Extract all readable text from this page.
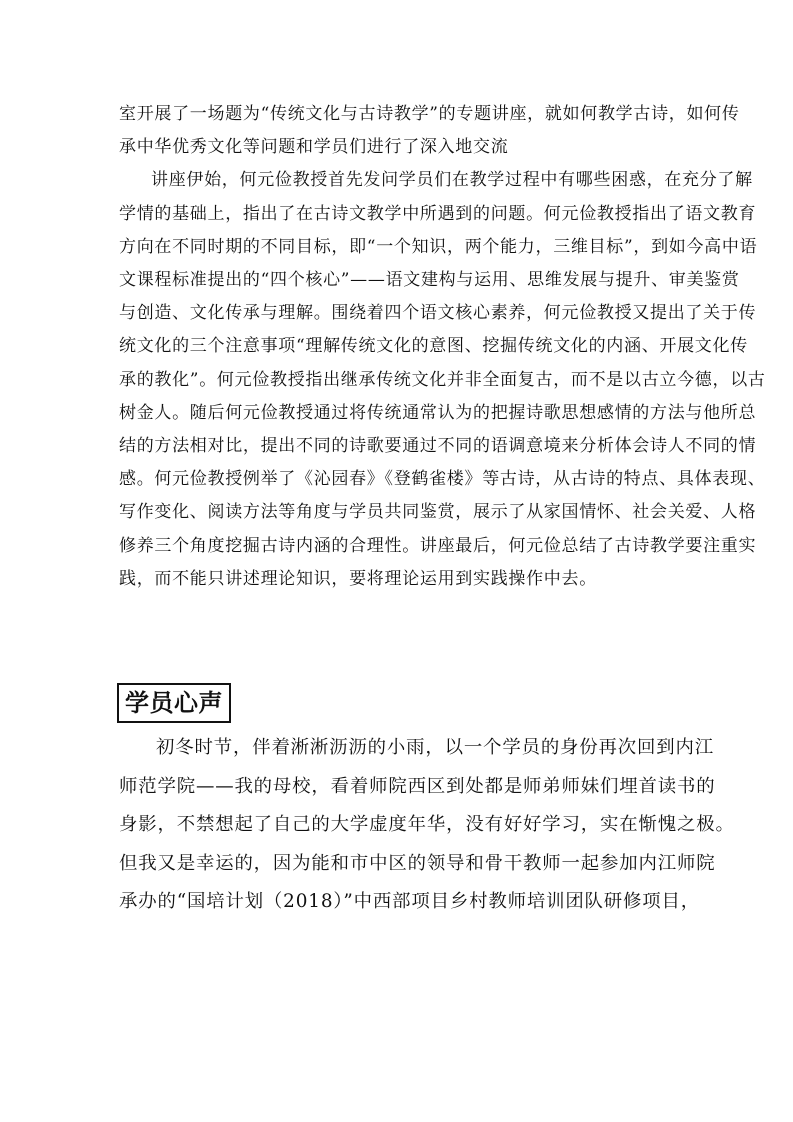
室开展了一场题为“传统文化与古诗教学”的专题讲座，就如何教学古诗，如何传
承中华优秀文化等问题和学员们进行了深入地交流
讲座伊始，何元俭教授首先发问学员们在教学过程中有哪些困惑，在充分了解
学情的基础上，指出了在古诗文教学中所遇到的问题。何元俭教授指出了语文教育
方向在不同时期的不同目标，即“一个知识，两个能力，三维目标”，到如今高中语
文课程标准提出的“四个核心”——语文建构与运用、思维发展与提升、审美鉴赏
与创造、文化传承与理解。围绕着四个语文核心素养，何元俭教授又提出了关于传
统文化的三个注意事项“理解传统文化的意图、挖掘传统文化的内涵、开展文化传
承的教化”。何元俭教授指出继承传统文化并非全面复古，而不是以古立今德，以古
树金人。随后何元俭教授通过将传统通常认为的把握诗歌思想感情的方法与他所总
结的方法相对比，提出不同的诗歌要通过不同的语调意境来分析体会诗人不同的情
感。何元俭教授例举了《沁园春》《登鹤雀楼》等古诗，从古诗的特点、具体表现、
写作变化、阅读方法等角度与学员共同鉴赏，展示了从家国情怀、社会关爱、人格
修养三个角度挖掘古诗内涵的合理性。讲座最后，何元俭总结了古诗教学要注重实
践，而不能只讲述理论知识，要将理论运用到实践操作中去。
学员心声
初冬时节，伴着淅淅沥沥的小雨，以一个学员的身份再次回到内江
师范学院——我的母校，看着师院西区到处都是师弟师妹们埋首读书的
身影，不禁想起了自己的大学虚度年华，没有好好学习，实在惭愧之极。
但我又是幸运的，因为能和市中区的领导和骨干教师一起参加内江师院
承办的“国培计划（2018）”中西部项目乡村教师培训团队研修项目，
